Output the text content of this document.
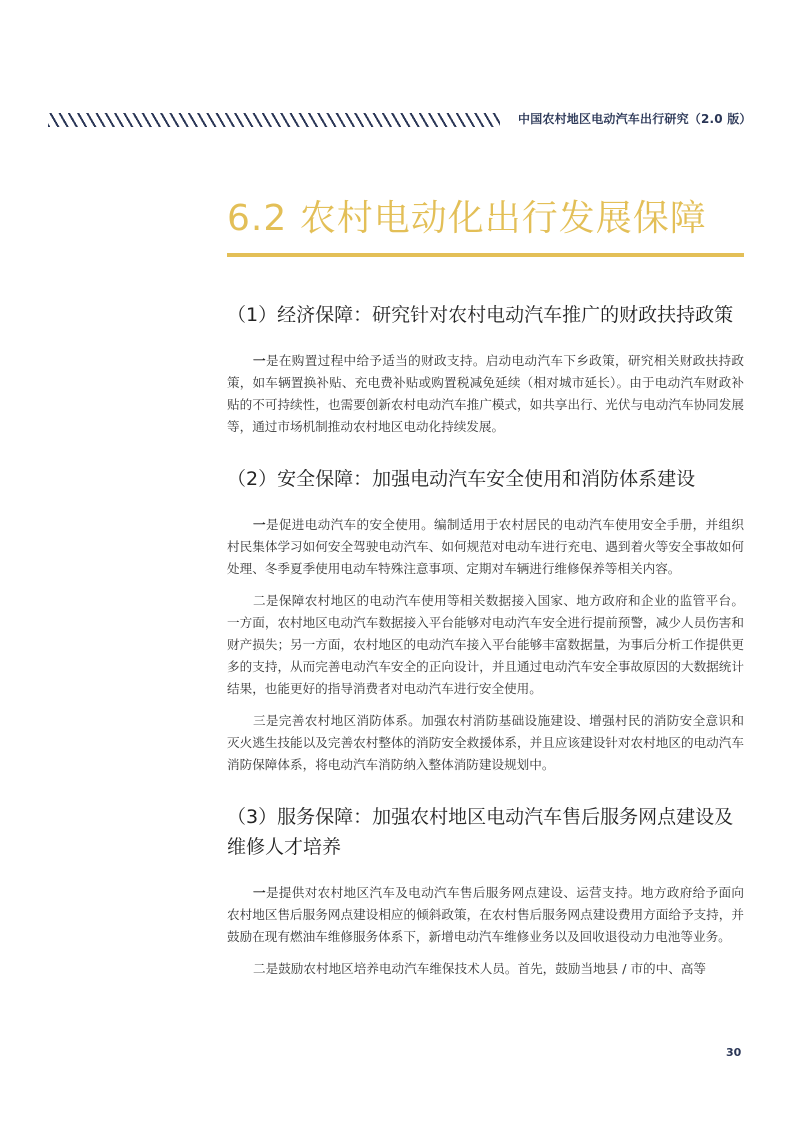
中国农村地区电动汽车出行研究（2.0 版）
6.2 农村电动化出行发展保障
（1）经济保障：研究针对农村电动汽车推广的财政扶持政策

一是在购置过程中给予适当的财政支持。启动电动汽车下乡政策，研究相关财政扶持政策，如车辆置换补贴、充电费补贴或购置税减免延续（相对城市延长）。由于电动汽车财政补贴的不可持续性，也需要创新农村电动汽车推广模式，如共享出行、光伏与电动汽车协同发展等，通过市场机制推动农村地区电动化持续发展。

（2）安全保障：加强电动汽车安全使用和消防体系建设

一是促进电动汽车的安全使用。编制适用于农村居民的电动汽车使用安全手册，并组织村民集体学习如何安全驾驶电动汽车、如何规范对电动车进行充电、遇到着火等安全事故如何处理、冬季夏季使用电动车特殊注意事项、定期对车辆进行维修保养等相关内容。

二是保障农村地区的电动汽车使用等相关数据接入国家、地方政府和企业的监管平台。一方面，农村地区电动汽车数据接入平台能够对电动汽车安全进行提前预警，减少人员伤害和财产损失；另一方面，农村地区的电动汽车接入平台能够丰富数据量，为事后分析工作提供更多的支持，从而完善电动汽车安全的正向设计，并且通过电动汽车安全事故原因的大数据统计结果，也能更好的指导消费者对电动汽车进行安全使用。

三是完善农村地区消防体系。加强农村消防基础设施建设、增强村民的消防安全意识和灭火逃生技能以及完善农村整体的消防安全救援体系，并且应该建设针对农村地区的电动汽车消防保障体系，将电动汽车消防纳入整体消防建设规划中。

（3）服务保障：加强农村地区电动汽车售后服务网点建设及维修人才培养

一是提供对农村地区汽车及电动汽车售后服务网点建设、运营支持。地方政府给予面向农村地区售后服务网点建设相应的倾斜政策，在农村售后服务网点建设费用方面给予支持，并鼓励在现有燃油车维修服务体系下，新增电动汽车维修业务以及回收退役动力电池等业务。

二是鼓励农村地区培养电动汽车维保技术人员。首先，鼓励当地县 / 市的中、高等

30
